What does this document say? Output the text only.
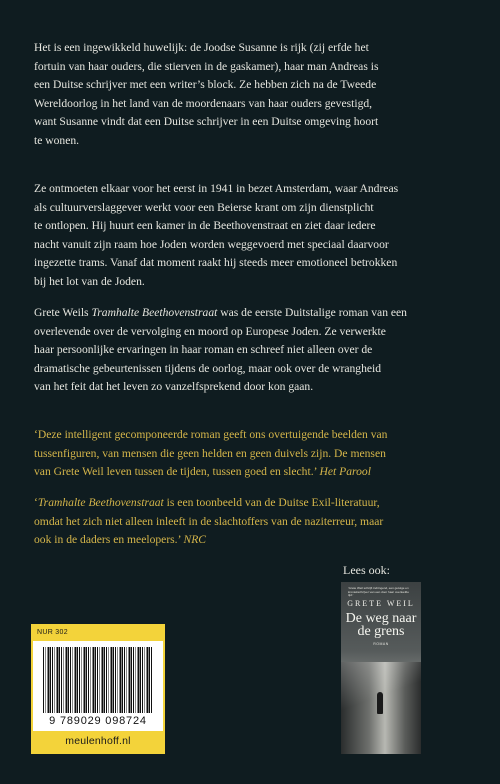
Het is een ingewikkeld huwelijk: de Joodse Susanne is rijk (zij erfde het
fortuin van haar ouders, die stierven in de gaskamer), haar man Andreas is
een Duitse schrijver met een writer’s block. Ze hebben zich na de Tweede
Wereldoorlog in het land van de moordenaars van haar ouders gevestigd,
want Susanne vindt dat een Duitse schrijver in een Duitse omgeving hoort
te wonen.
Ze ontmoeten elkaar voor het eerst in 1941 in bezet Amsterdam, waar Andreas
als cultuurverslaggever werkt voor een Beierse krant om zijn dienstplicht
te ontlopen. Hij huurt een kamer in de Beethovenstraat en ziet daar iedere
nacht vanuit zijn raam hoe Joden worden weggevoerd met speciaal daarvoor
ingezette trams. Vanaf dat moment raakt hij steeds meer emotioneel betrokken
bij het lot van de Joden.
Grete Weils Tramhalte Beethovenstraat was de eerste Duitstalige roman van een
overlevende over de vervolging en moord op Europese Joden. Ze verwerkte
haar persoonlijke ervaringen in haar roman en schreef niet alleen over de
dramatische gebeurtenissen tijdens de oorlog, maar ook over de wrangheid
van het feit dat het leven zo vanzelfsprekend door kon gaan.
‘Deze intelligent gecomponeerde roman geeft ons overtuigende beelden van
tussenfiguren, van mensen die geen helden en geen duivels zijn. De mensen
van Grete Weil leven tussen de tijden, tussen goed en slecht.’ Het Parool
‘Tramhalte Beethovenstraat is een toonbeeld van de Duitse Exil-literatuur,
omdat het zich niet alleen inleeft in de slachtoffers van de naziterreur, maar
ook in de daders en meelopers.’ NRC
Lees ook:
‘Grete Weil schrijft indringend, een getuige en kroniekschrijver van een door haar overleefde tijd.’
GRETE WEIL
De weg naar
de grens
ROMAN
NUR 302
9 789029 098724
meulenhoff.nl
